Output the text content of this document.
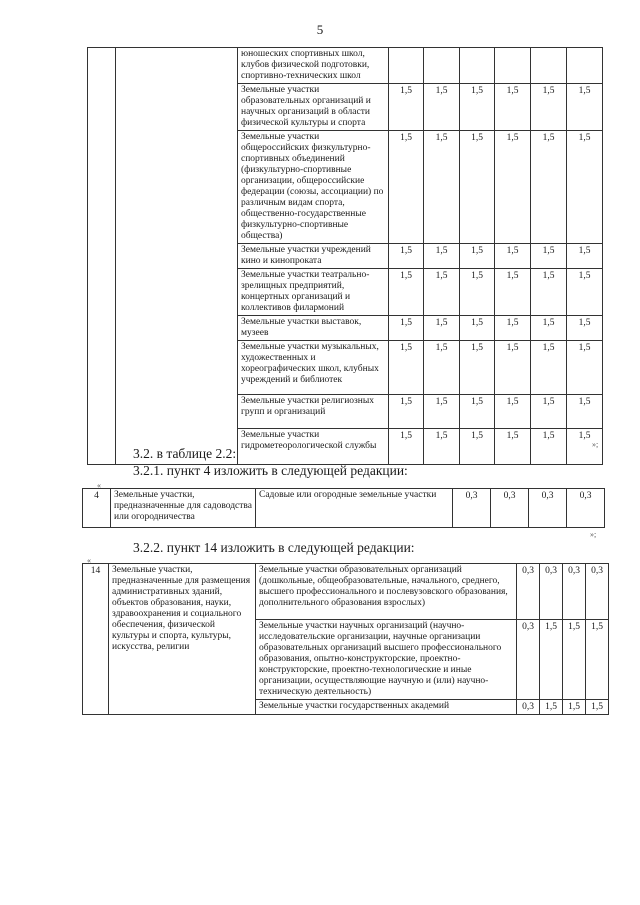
5
		юношеских спортивных школ, клубов физической подготовки, спортивно-технических школ						
		Земельные участки образовательных организаций и научных организаций в области физической культуры и спорта	1,5	1,5	1,5	1,5	1,5	1,5
		Земельные участки общероссийских физкультурно-спортивных объединений (физкультурно-спортивные организации, общероссийские федерации (союзы, ассоциации) по различным видам спорта, общественно-государственные физкультурно-спортивные общества)	1,5	1,5	1,5	1,5	1,5	1,5
		Земельные участки учреждений кино и кинопроката	1,5	1,5	1,5	1,5	1,5	1,5
		Земельные участки театрально-зрелищных предприятий, концертных организаций и коллективов филармоний	1,5	1,5	1,5	1,5	1,5	1,5
		Земельные участки выставок, музеев	1,5	1,5	1,5	1,5	1,5	1,5
		Земельные участки музыкальных, художественных и хореографических школ, клубных учреждений и библиотек	1,5	1,5	1,5	1,5	1,5	1,5
		Земельные участки религиозных групп и организаций	1,5	1,5	1,5	1,5	1,5	1,5
		Земельные участки гидрометеорологической службы	1,5	1,5	1,5	1,5	1,5	1,5
»;
3.2. в таблице 2.2:
3.2.1. пункт 4 изложить в следующей редакции:
«
4	Земельные участки, предназначенные для садоводства или огородничества	Садовые или огородные земельные участки	0,3	0,3	0,3	0,3
»;
3.2.2. пункт 14 изложить в следующей редакции:
«
14	Земельные участки, предназначенные для размещения административных зданий, объектов образования, науки, здравоохранения и социального обеспечения, физической культуры и спорта, культуры, искусства, религии	Земельные участки образовательных организаций (дошкольные, общеобразовательные, начального, среднего, высшего профессионального и послевузовского образования, дополнительного образования взрослых)	0,3	0,3	0,3	0,3
		Земельные участки научных организаций (научно-исследовательские организации, научные организации образовательных организаций высшего профессионального образования, опытно-конструкторские, проектно-конструкторские, проектно-технологические и иные организации, осуществляющие научную и (или) научно-техническую деятельность)	0,3	1,5	1,5	1,5
		Земельные участки государственных академий	0,3	1,5	1,5	1,5
